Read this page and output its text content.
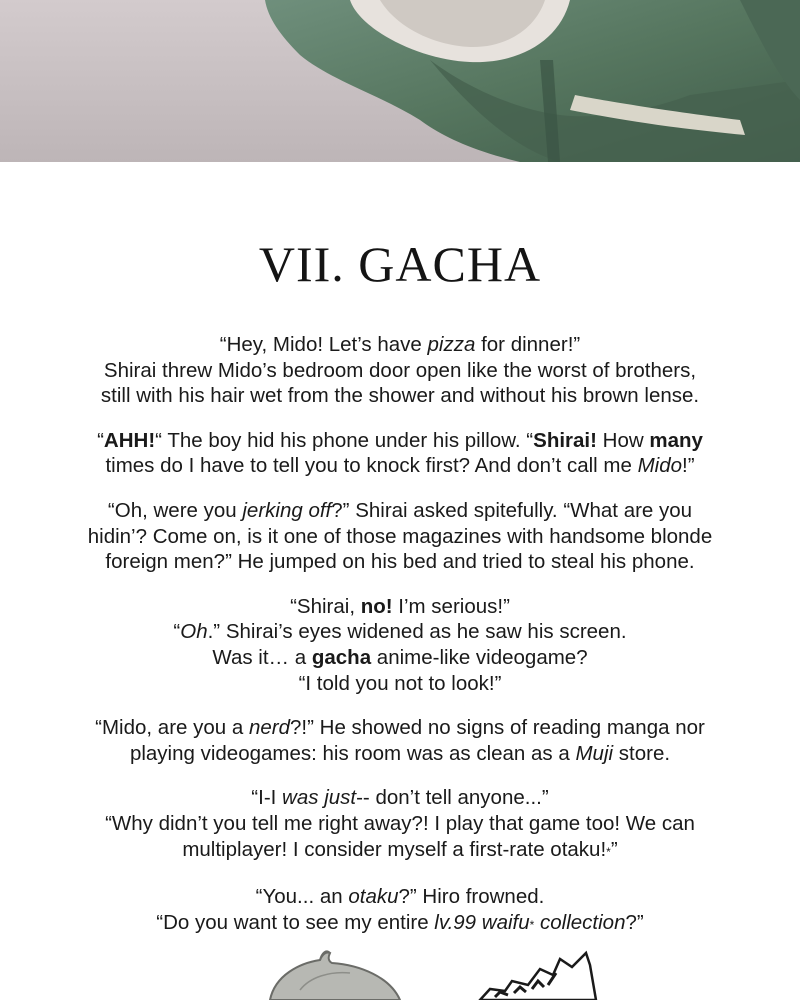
VII. GACHA
“Hey, Mido! Let’s have pizza for dinner!”
Shirai threw Mido’s bedroom door open like the worst of brothers,
still with his hair wet from the shower and without his brown lense.
“AHH!“ The boy hid his phone under his pillow. “Shirai! How many
times do I have to tell you to knock first? And don’t call me Mido!”
“Oh, were you jerking off?” Shirai asked spitefully. “What are you
hidin’? Come on, is it one of those magazines with handsome blonde
foreign men?” He jumped on his bed and tried to steal his phone.
“Shirai, no! I’m serious!”
“Oh.” Shirai’s eyes widened as he saw his screen.
Was it… a gacha anime-like videogame?
“I told you not to look!”
“Mido, are you a nerd?!” He showed no signs of reading manga nor
playing videogames: his room was as clean as a Muji store.
“I-I was just-- don’t tell anyone...”
“Why didn’t you tell me right away?! I play that game too! We can
multiplayer! I consider myself a first-rate otaku!*”
“You... an otaku?” Hiro frowned.
“Do you want to see my entire lv.99 waifu* collection?”
